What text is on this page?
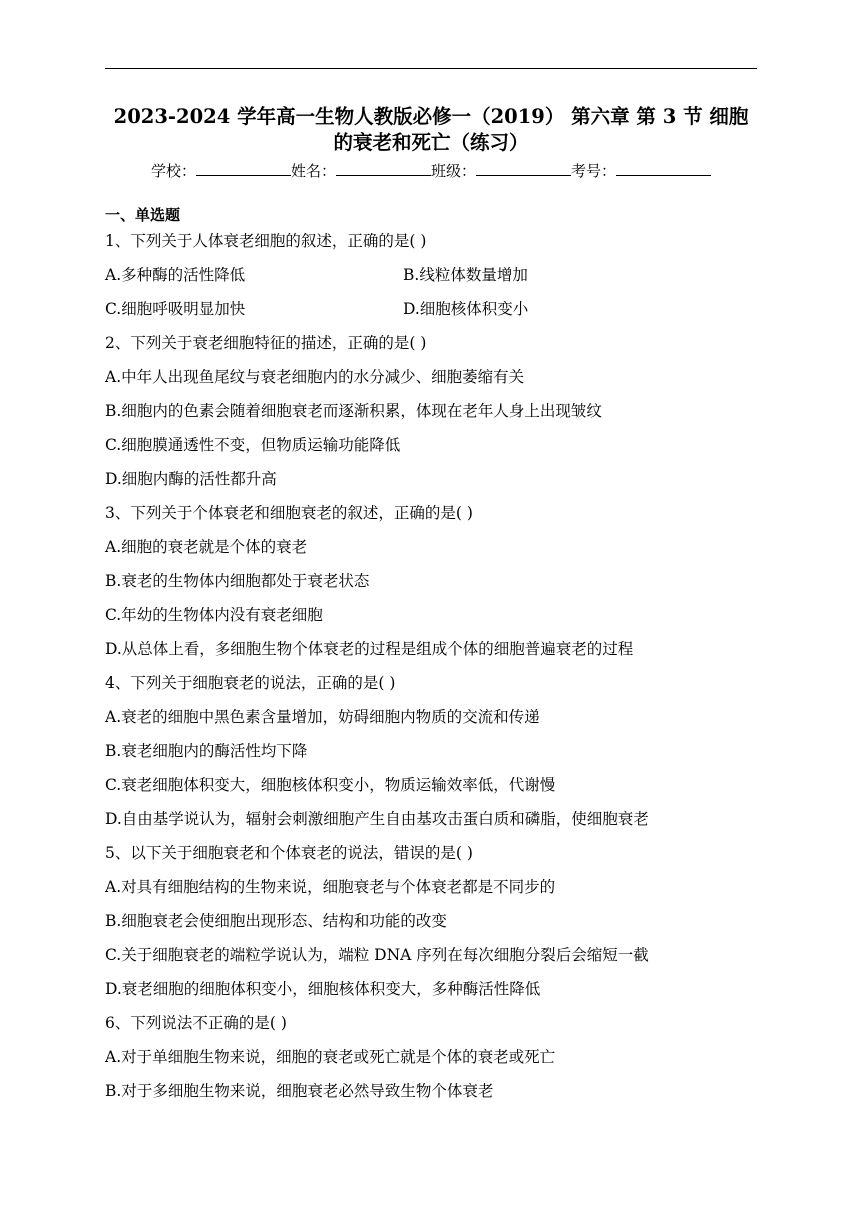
2023-2024 学年高一生物人教版必修一（2019） 第六章 第 3 节 细胞
的衰老和死亡（练习）
学校：	姓名：	班级：	考号：
一、单选题
1、下列关于人体衰老细胞的叙述，正确的是( )
A.多种酶的活性降低	B.线粒体数量增加
C.细胞呼吸明显加快	D.细胞核体积变小
2、下列关于衰老细胞特征的描述，正确的是( )
A.中年人出现鱼尾纹与衰老细胞内的水分减少、细胞萎缩有关
B.细胞内的色素会随着细胞衰老而逐渐积累，体现在老年人身上出现皱纹
C.细胞膜通透性不变，但物质运输功能降低
D.细胞内酶的活性都升高
3、下列关于个体衰老和细胞衰老的叙述，正确的是( )
A.细胞的衰老就是个体的衰老
B.衰老的生物体内细胞都处于衰老状态
C.年幼的生物体内没有衰老细胞
D.从总体上看，多细胞生物个体衰老的过程是组成个体的细胞普遍衰老的过程
4、下列关于细胞衰老的说法，正确的是( )
A.衰老的细胞中黑色素含量增加，妨碍细胞内物质的交流和传递
B.衰老细胞内的酶活性均下降
C.衰老细胞体积变大，细胞核体积变小，物质运输效率低，代谢慢
D.自由基学说认为，辐射会刺激细胞产生自由基攻击蛋白质和磷脂，使细胞衰老
5、以下关于细胞衰老和个体衰老的说法，错误的是( )
A.对具有细胞结构的生物来说，细胞衰老与个体衰老都是不同步的
B.细胞衰老会使细胞出现形态、结构和功能的改变
C.关于细胞衰老的端粒学说认为，端粒 DNA 序列在每次细胞分裂后会缩短一截
D.衰老细胞的细胞体积变小，细胞核体积变大，多种酶活性降低
6、下列说法不正确的是( )
A.对于单细胞生物来说，细胞的衰老或死亡就是个体的衰老或死亡
B.对于多细胞生物来说，细胞衰老必然导致生物个体衰老
